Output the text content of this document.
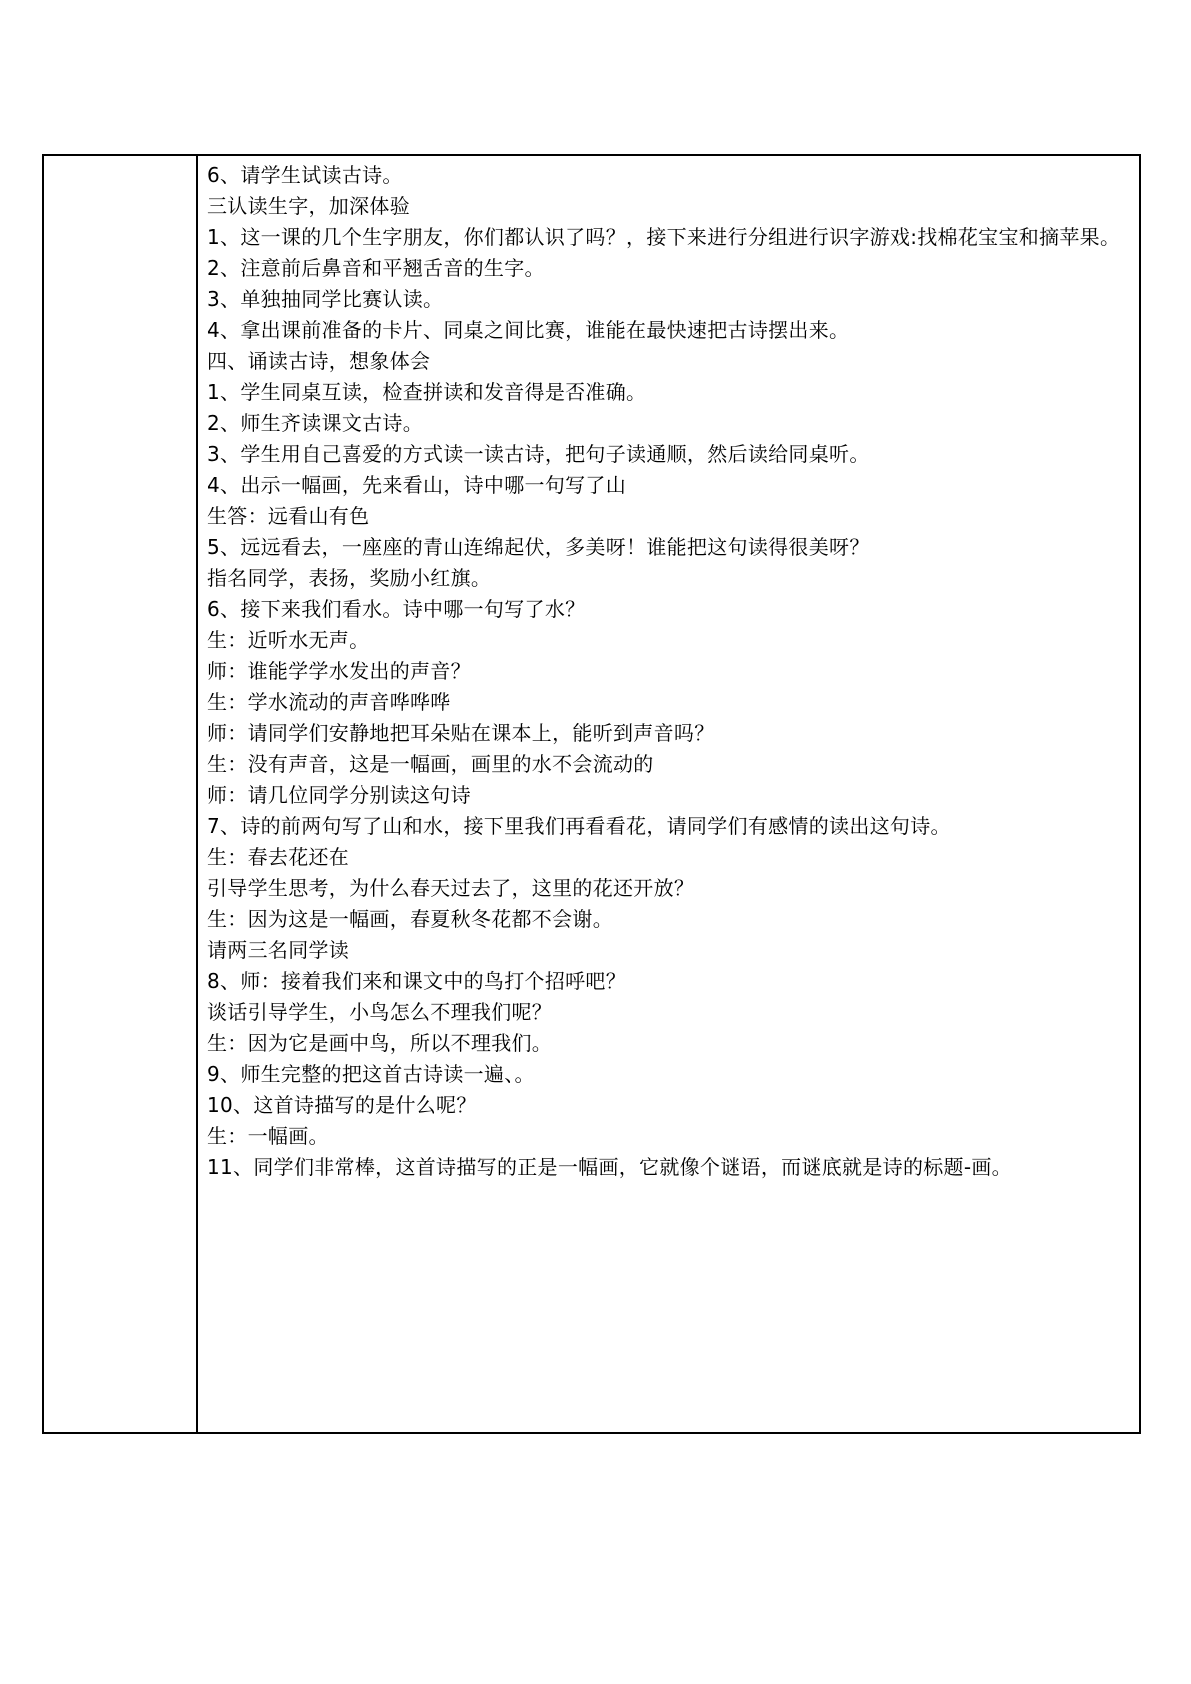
6、请学生试读古诗。
三认读生字，加深体验
1、这一课的几个生字朋友，你们都认识了吗？，接下来进行分组进行识字游戏:找棉花宝宝和摘苹果。
2、注意前后鼻音和平翘舌音的生字。
3、单独抽同学比赛认读。
4、拿出课前准备的卡片、同桌之间比赛，谁能在最快速把古诗摆出来。
四、诵读古诗，想象体会
1、学生同桌互读，检查拼读和发音得是否准确。
2、师生齐读课文古诗。
3、学生用自己喜爱的方式读一读古诗，把句子读通顺，然后读给同桌听。
4、出示一幅画，先来看山，诗中哪一句写了山
生答：远看山有色
5、远远看去，一座座的青山连绵起伏，多美呀！谁能把这句读得很美呀？
指名同学，表扬，奖励小红旗。
6、接下来我们看水。诗中哪一句写了水？
生：近听水无声。
师：谁能学学水发出的声音？
生：学水流动的声音哗哗哗
师：请同学们安静地把耳朵贴在课本上，能听到声音吗？
生：没有声音，这是一幅画，画里的水不会流动的
师：请几位同学分别读这句诗
7、诗的前两句写了山和水，接下里我们再看看花，请同学们有感情的读出这句诗。
生：春去花还在
引导学生思考，为什么春天过去了，这里的花还开放？
生：因为这是一幅画，春夏秋冬花都不会谢。
请两三名同学读
8、师：接着我们来和课文中的鸟打个招呼吧？
谈话引导学生，小鸟怎么不理我们呢？
生：因为它是画中鸟，所以不理我们。
9、师生完整的把这首古诗读一遍、。
10、这首诗描写的是什么呢？
生：一幅画。
11、同学们非常棒，这首诗描写的正是一幅画，它就像个谜语，而谜底就是诗的标题-画。
